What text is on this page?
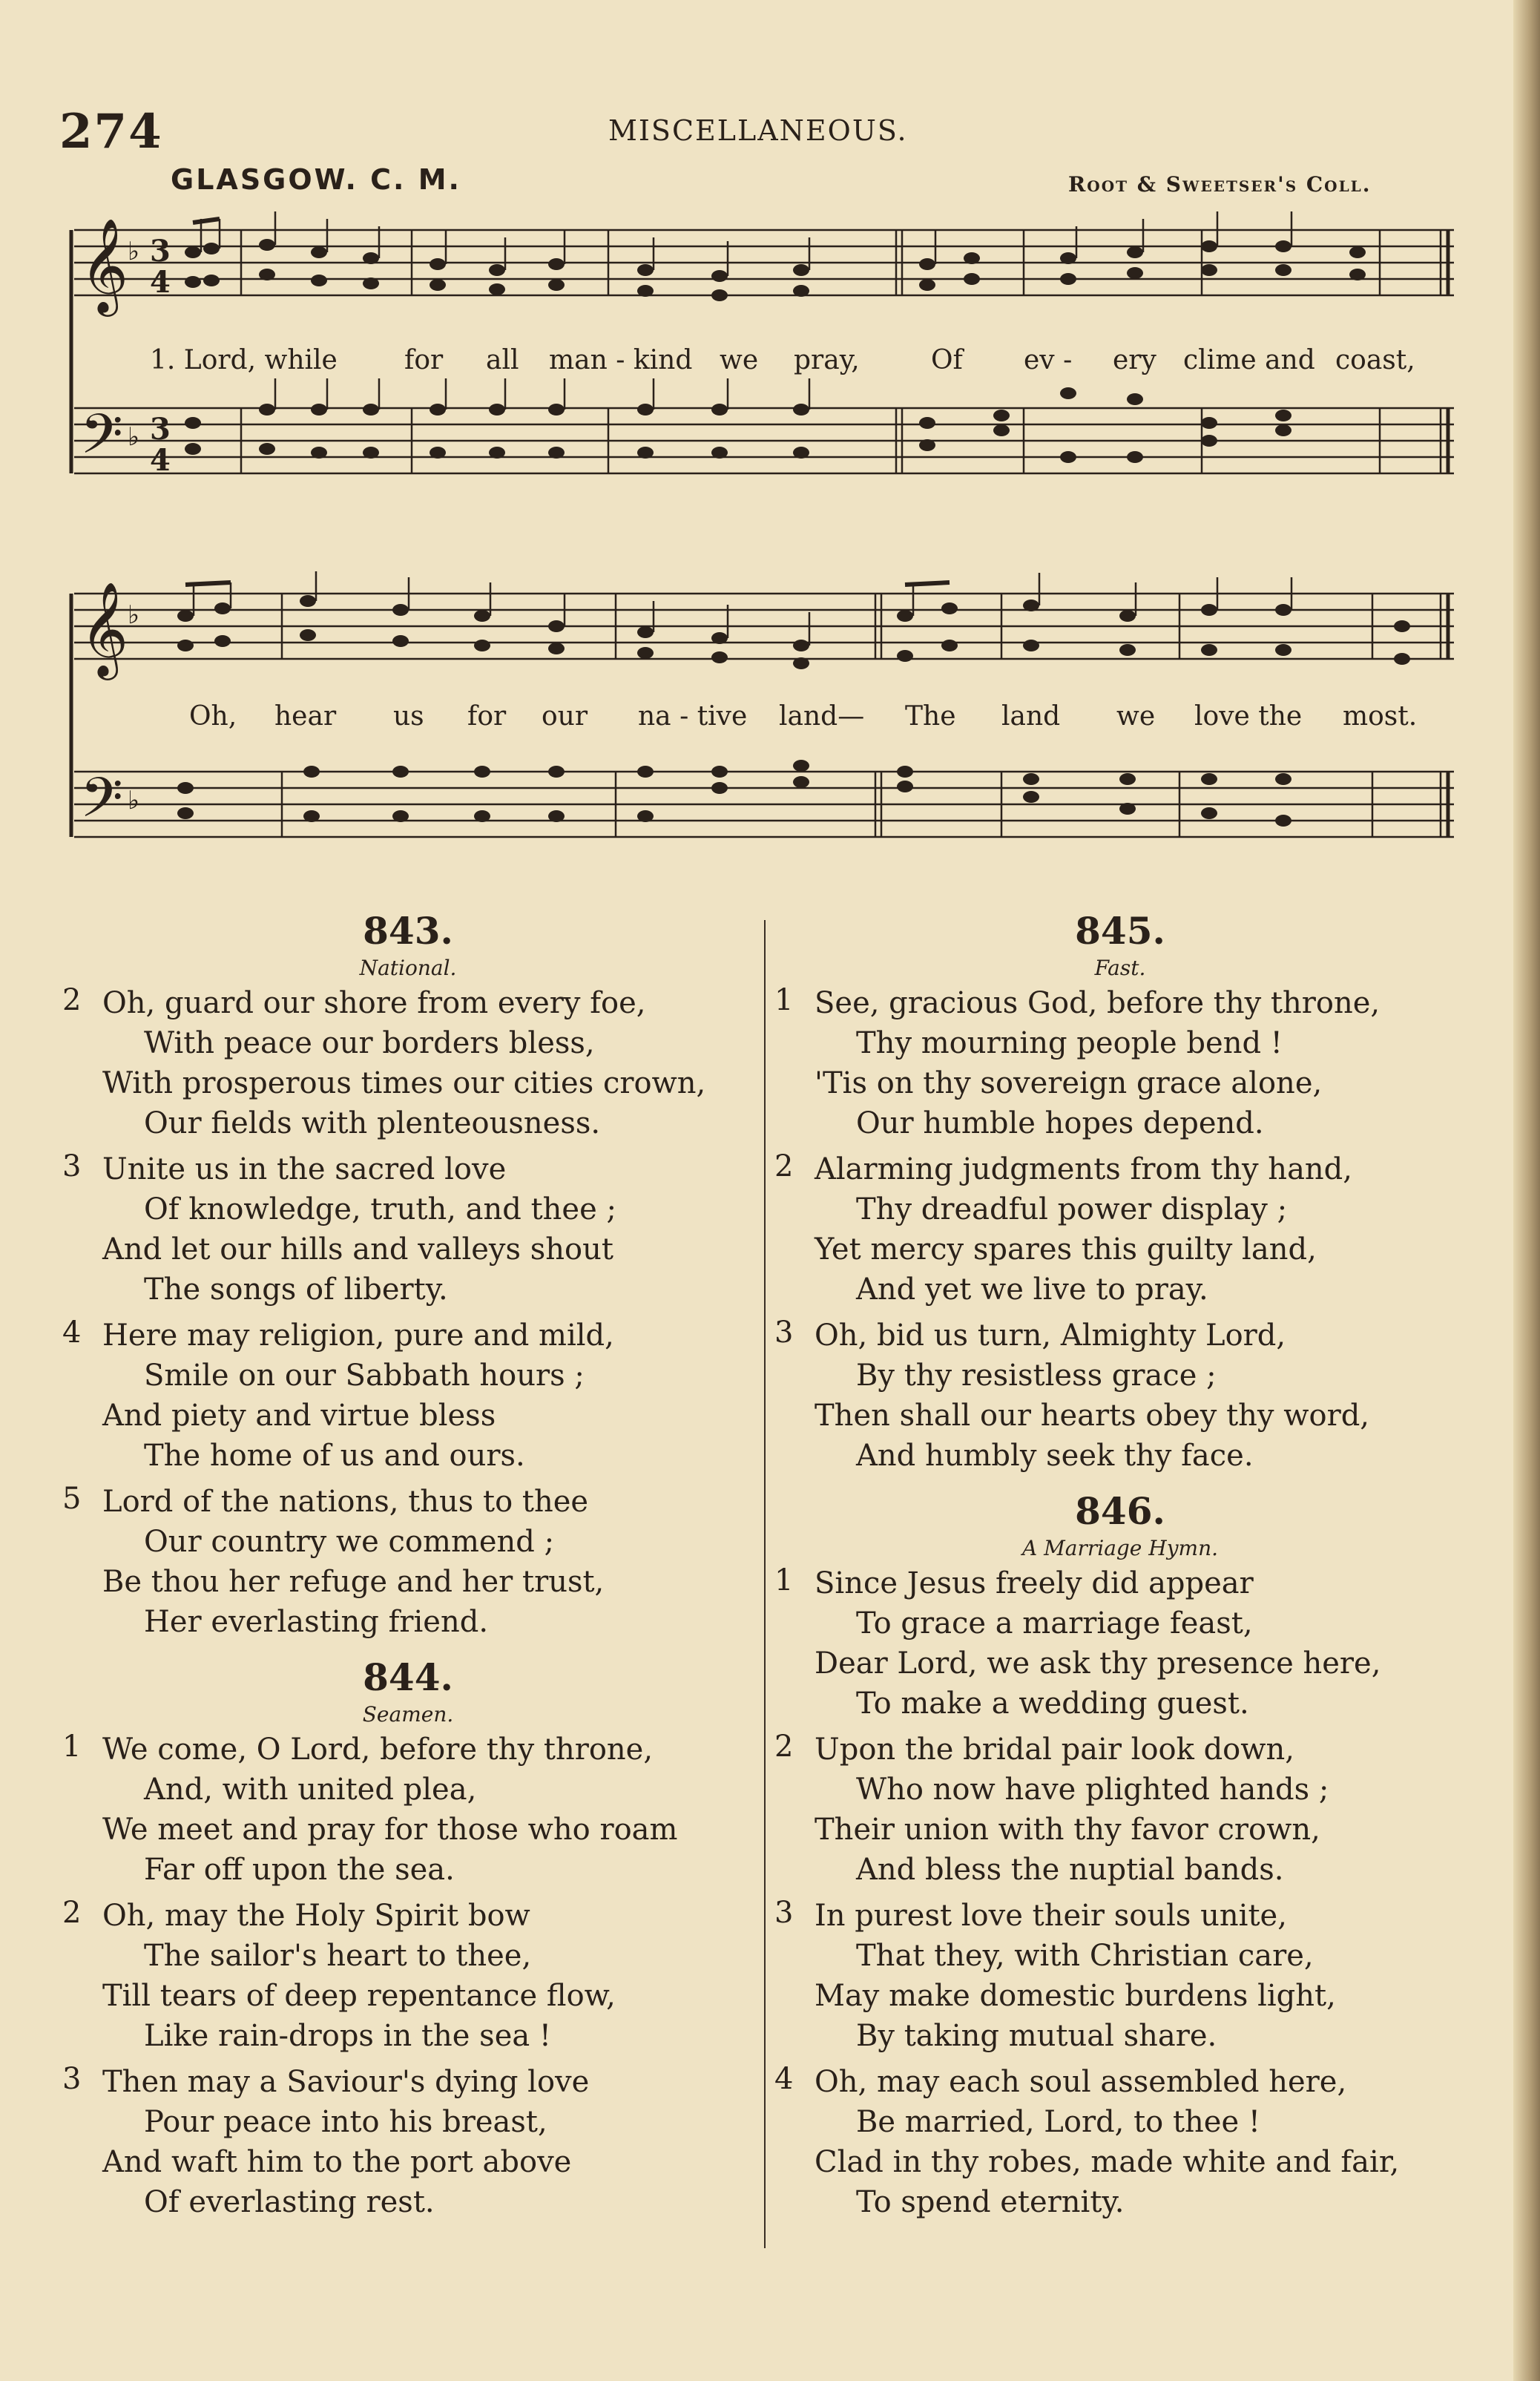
274	MISCELLANEOUS.
GLASGOW. C. M.	Root & Sweetser's Coll.
𝄞
𝄢
♭
♭
3
4
3
4
1. Lord, while	for all man - kind we pray,	Of ev - ery clime and coast,
𝄞
𝄢
♭
♭
Oh, hear us for our na - tive land— The land we love the most.
843.
National.
2 Oh, guard our shore from every foe,
With peace our borders bless,
With prosperous times our cities crown,
Our fields with plenteousness.
3 Unite us in the sacred love
Of knowledge, truth, and thee ;
And let our hills and valleys shout
The songs of liberty.
4 Here may religion, pure and mild,
Smile on our Sabbath hours ;
And piety and virtue bless
The home of us and ours.
5 Lord of the nations, thus to thee
Our country we commend ;
Be thou her refuge and her trust,
Her everlasting friend.
844.
Seamen.
1 We come, O Lord, before thy throne,
And, with united plea,
We meet and pray for those who roam
Far off upon the sea.
2 Oh, may the Holy Spirit bow
The sailor's heart to thee,
Till tears of deep repentance flow,
Like rain-drops in the sea !
3 Then may a Saviour's dying love
Pour peace into his breast,
And waft him to the port above
Of everlasting rest.
845.
Fast.
1 See, gracious God, before thy throne,
Thy mourning people bend !
'Tis on thy sovereign grace alone,
Our humble hopes depend.
2 Alarming judgments from thy hand,
Thy dreadful power display ;
Yet mercy spares this guilty land,
And yet we live to pray.
3 Oh, bid us turn, Almighty Lord,
By thy resistless grace ;
Then shall our hearts obey thy word,
And humbly seek thy face.
846.
A Marriage Hymn.
1 Since Jesus freely did appear
To grace a marriage feast,
Dear Lord, we ask thy presence here,
To make a wedding guest.
2 Upon the bridal pair look down,
Who now have plighted hands ;
Their union with thy favor crown,
And bless the nuptial bands.
3 In purest love their souls unite,
That they, with Christian care,
May make domestic burdens light,
By taking mutual share.
4 Oh, may each soul assembled here,
Be married, Lord, to thee !
Clad in thy robes, made white and fair,
To spend eternity.
